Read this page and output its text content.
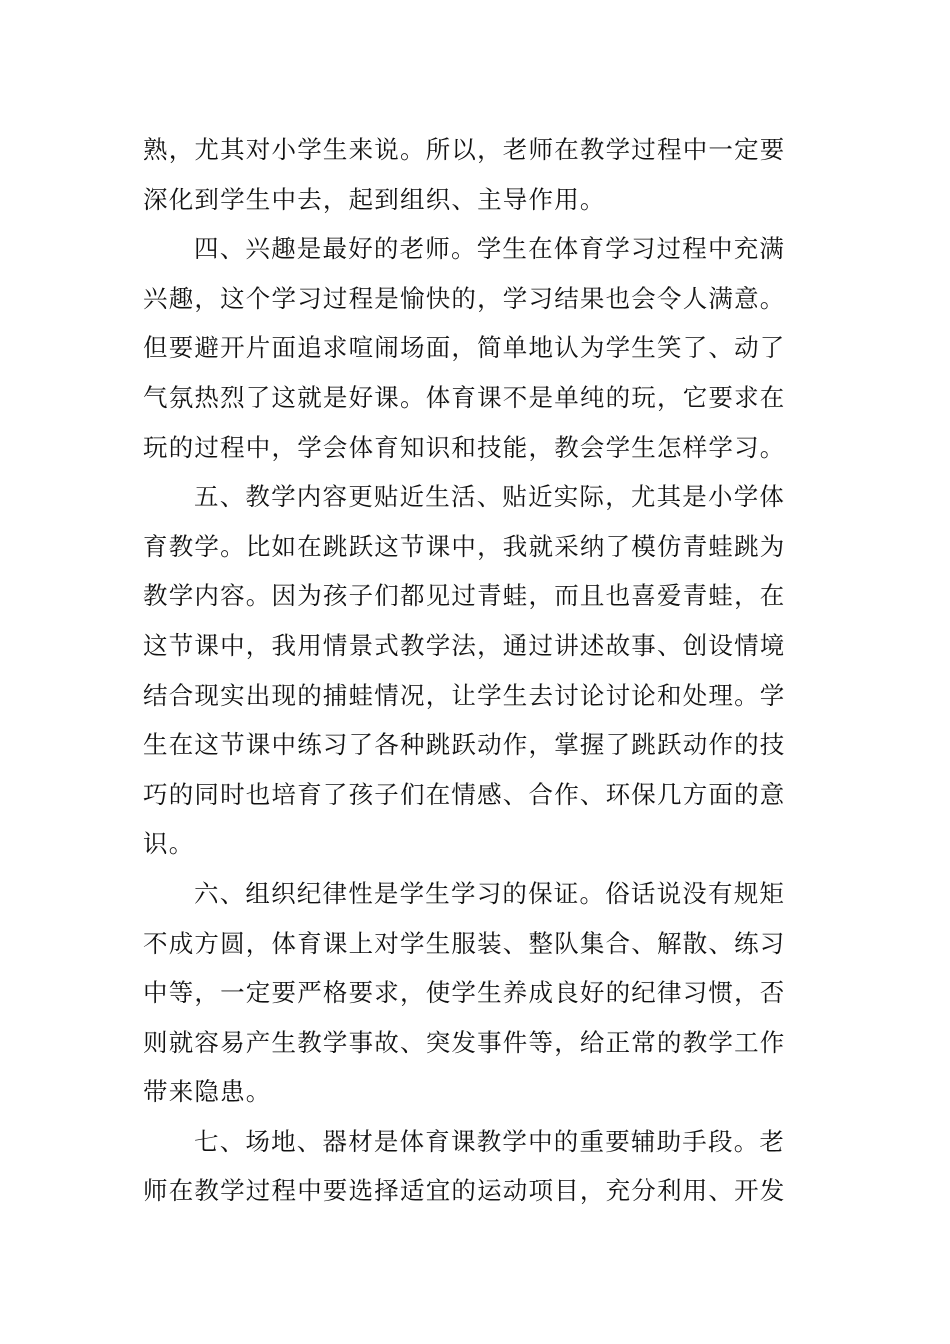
熟，尤其对小学生来说。所以，老师在教学过程中一定要
深化到学生中去，起到组织、主导作用。
四、兴趣是最好的老师。学生在体育学习过程中充满
兴趣，这个学习过程是愉快的，学习结果也会令人满意。
但要避开片面追求喧闹场面，简单地认为学生笑了、动了
气氛热烈了这就是好课。体育课不是单纯的玩，它要求在
玩的过程中，学会体育知识和技能，教会学生怎样学习。
五、教学内容更贴近生活、贴近实际，尤其是小学体
育教学。比如在跳跃这节课中，我就采纳了模仿青蛙跳为
教学内容。因为孩子们都见过青蛙，而且也喜爱青蛙，在
这节课中，我用情景式教学法，通过讲述故事、创设情境
结合现实出现的捕蛙情况，让学生去讨论讨论和处理。学
生在这节课中练习了各种跳跃动作，掌握了跳跃动作的技
巧的同时也培育了孩子们在情感、合作、环保几方面的意
识。
六、组织纪律性是学生学习的保证。俗话说没有规矩
不成方圆，体育课上对学生服装、整队集合、解散、练习
中等，一定要严格要求，使学生养成良好的纪律习惯，否
则就容易产生教学事故、突发事件等，给正常的教学工作
带来隐患。
七、场地、器材是体育课教学中的重要辅助手段。老
师在教学过程中要选择适宜的运动项目，充分利用、开发
